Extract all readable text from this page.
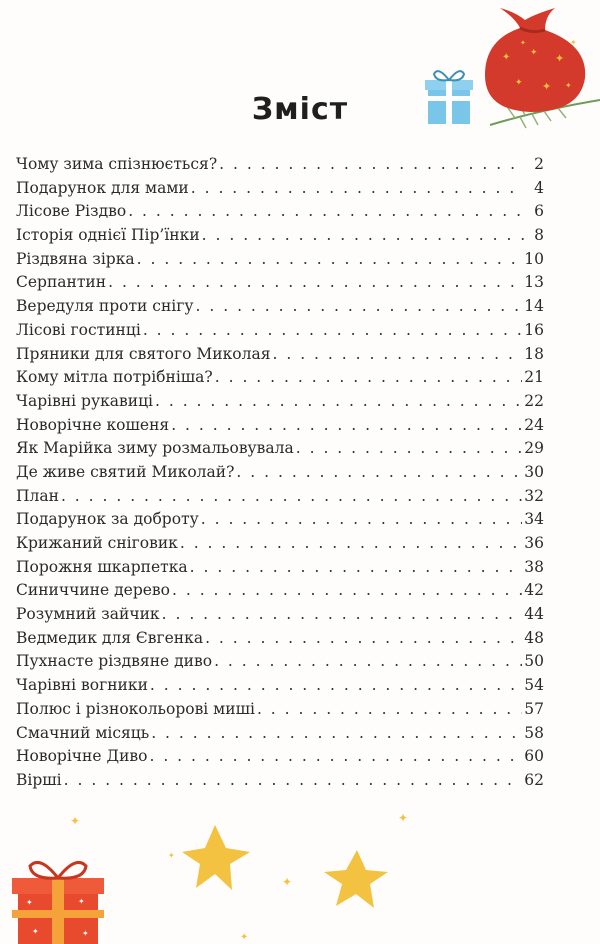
✦ ✦ ✦
✦ ✦ ✦
✦	✦
Зміст
Чому зима спізнюється? . . .	2
Подарунок для мами . . .	4
Лісове Різдво . . .	6
Історія однієї Пір’їнки . . .	8
Різдвяна зірка . . .	10
Серпантин . . .	13
Вередуля проти снігу . . .	14
Лісові гостинці . . .	16
Пряники для святого Миколая . . .	18
Кому мітла потрібніша? . . .	21
Чарівні рукавиці . . .	22
Новорічне кошеня . . .	24
Як Марійка зиму розмальовувала . . .	29
Де живе святий Миколай? . . .	30
План . . .	32
Подарунок за доброту . . .	34
Крижаний сніговик . . .	36
Порожня шкарпетка . . .	38
Синиччине дерево . . .	42
Розумний зайчик . . .	44
Ведмедик для Євгенка . . .	48
Пухнасте різдвяне диво . . .	50
Чарівні вогники . . .	54
Полюс і різнокольорові миші . . .	57
Смачний місяць . . .	58
Новорічне Диво . . .	60
Вірші . . .	62
✦	✦
✦
✦
✦
✦	✦
✦	✦
